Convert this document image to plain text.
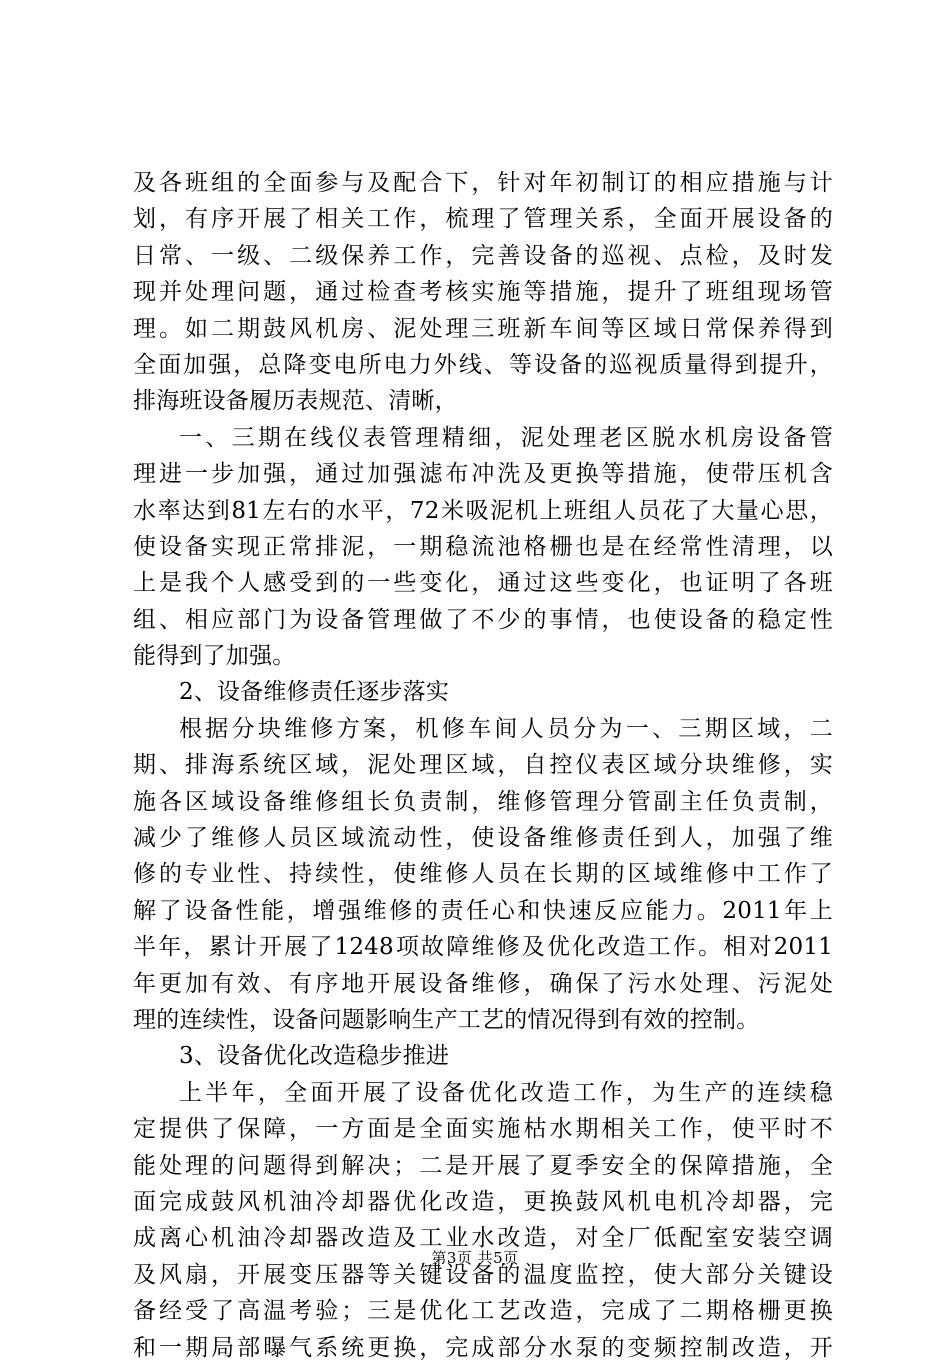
及各班组的全面参与及配合下，针对年初制订的相应措施与计
划，有序开展了相关工作，梳理了管理关系，全面开展设备的
日常、一级、二级保养工作，完善设备的巡视、点检，及时发
现并处理问题，通过检查考核实施等措施，提升了班组现场管
理。如二期鼓风机房、泥处理三班新车间等区域日常保养得到
全面加强，总降变电所电力外线、等设备的巡视质量得到提升，
排海班设备履历表规范、清晰，
一、三期在线仪表管理精细，泥处理老区脱水机房设备管
理进一步加强，通过加强滤布冲洗及更换等措施，使带压机含
水率达到81左右的水平，72米吸泥机上班组人员花了大量心思，
使设备实现正常排泥，一期稳流池格栅也是在经常性清理，以
上是我个人感受到的一些变化，通过这些变化，也证明了各班
组、相应部门为设备管理做了不少的事情，也使设备的稳定性
能得到了加强。
2、设备维修责任逐步落实
根据分块维修方案，机修车间人员分为一、三期区域，二
期、排海系统区域，泥处理区域，自控仪表区域分块维修，实
施各区域设备维修组长负责制，维修管理分管副主任负责制，
减少了维修人员区域流动性，使设备维修责任到人，加强了维
修的专业性、持续性，使维修人员在长期的区域维修中工作了
解了设备性能，增强维修的责任心和快速反应能力。2011年上
半年，累计开展了1248项故障维修及优化改造工作。相对2011
年更加有效、有序地开展设备维修，确保了污水处理、污泥处
理的连续性，设备问题影响生产工艺的情况得到有效的控制。
3、设备优化改造稳步推进
上半年，全面开展了设备优化改造工作，为生产的连续稳
定提供了保障，一方面是全面实施枯水期相关工作，使平时不
能处理的问题得到解决；二是开展了夏季安全的保障措施，全
面完成鼓风机油冷却器优化改造，更换鼓风机电机冷却器，完
成离心机油冷却器改造及工业水改造，对全厂低配室安装空调
及风扇，开展变压器等关键设备的温度监控，使大部分关键设
备经受了高温考验；三是优化工艺改造，完成了二期格栅更换
和一期局部曝气系统更换，完成部分水泵的变频控制改造，开
第3页 共5页
